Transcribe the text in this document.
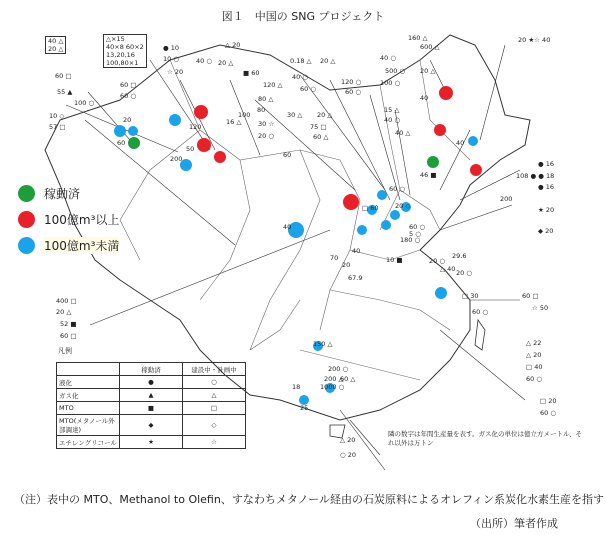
図１　中国の SNG プロジェクト
40 △
20 △
60 □
55 ▲
100 ○
10 ◇
57 □
△×15
40×8 60×2
13,20,16
100,80×1
● 10
10 ○
☆ 20
60 □
60 ○
△ 20
40 ○
■ 60
20 △	0.18 △ 20 △
120 △
40 ○
60 ○
80 △
30 ☆
20 ○
16 △
30 △ 20 △
75 □
60 △
120 ○
60 ○
100 ○
15 △
40 ○
40 △
160 △
600 △
40 ○
500 ○ 20 △
20 ★☆ 40
40
40
46 ■
● 16
108 ● ● 18
● 16
200
★ 20
◆ 20
60 ○
□ 60	20 ◇
60 ○
20 ○
29.6
△ 40 20 ○
180 ○
10 ■
5 ○
□ 30
60 ○
60 □
☆ 50
△ 22
△ 20
□ 40
60 ○
□ 20
60 ○
400 □
20 △
52 ■
60 □
150 △
200 ○
200 △
1000 ○
18
25
60 △
△ 20
○ 20
80
100
120
20
50
200
60
60
70
20
40
40
67.9
稼動済
100億m³以上
100億m³未満
凡例
	稼動済	建設中・計画中
液化	●	○
ガス化	▲	△
MTO	■	□
MTO(メタノール外部調達)	◆	◇
エチレングリコール	★	☆
隣の数字は年間生産量を表す。ガス化の単位は億立方メートル、それ以外は万トン
（注）表中の MTO、Methanol to Olefin、すなわちメタノール経由の石炭原料によるオレフィン系炭化水素生産を指す
（出所）筆者作成
